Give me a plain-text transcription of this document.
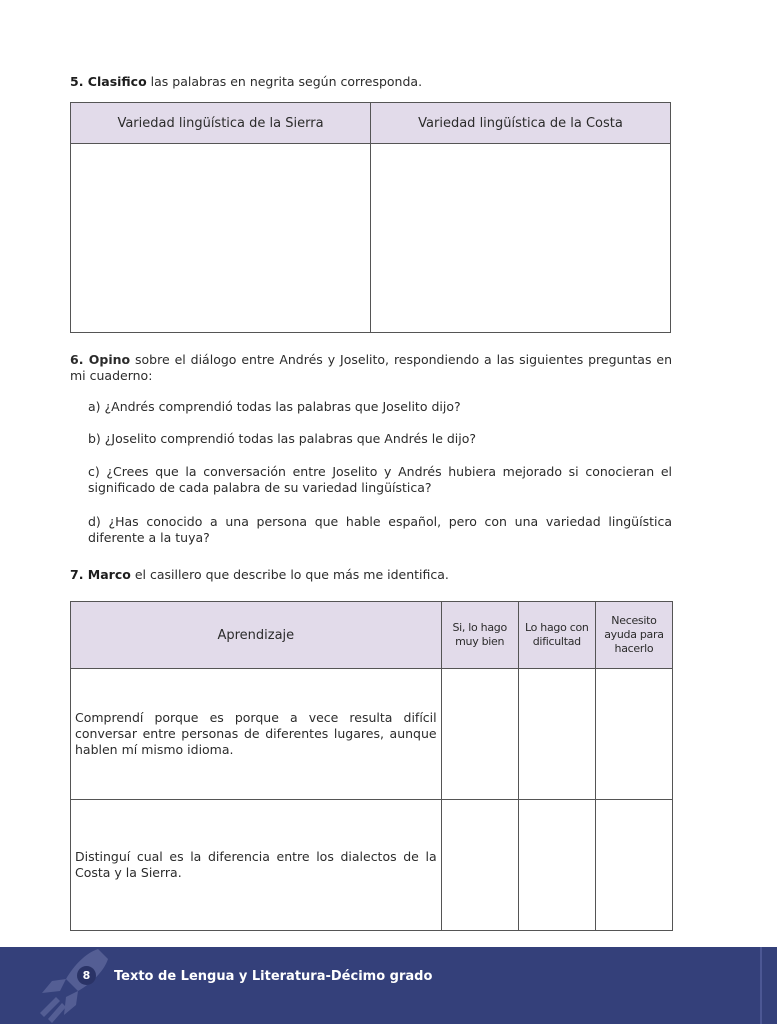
5. Clasifico las palabras en negrita según corresponda.
Variedad lingüística de la Sierra	Variedad lingüística de la Costa

6. Opino sobre el diálogo entre Andrés y Joselito, respondiendo a las siguientes preguntas en mi cuaderno:
a) ¿Andrés comprendió todas las palabras que Joselito dijo?
b) ¿Joselito comprendió todas las palabras que Andrés le dijo?
c) ¿Crees que la conversación entre Joselito y Andrés hubiera mejorado si conocieran el significado de cada palabra de su variedad lingüística?
d) ¿Has conocido a una persona que hable español, pero con una variedad lingüística diferente a la tuya?
7. Marco el casillero que describe lo que más me identifica.
Aprendizaje	Si, lo hago muy bien	Lo hago con dificultad	Necesito ayuda para hacerlo
Comprendí porque es porque a vece resulta difícil conversar entre personas de diferentes lugares, aunque hablen mí mismo idioma.			
Distinguí cual es la diferencia entre los dialectos de la Costa y la Sierra.			
8	Texto de Lengua y Literatura-Décimo grado
